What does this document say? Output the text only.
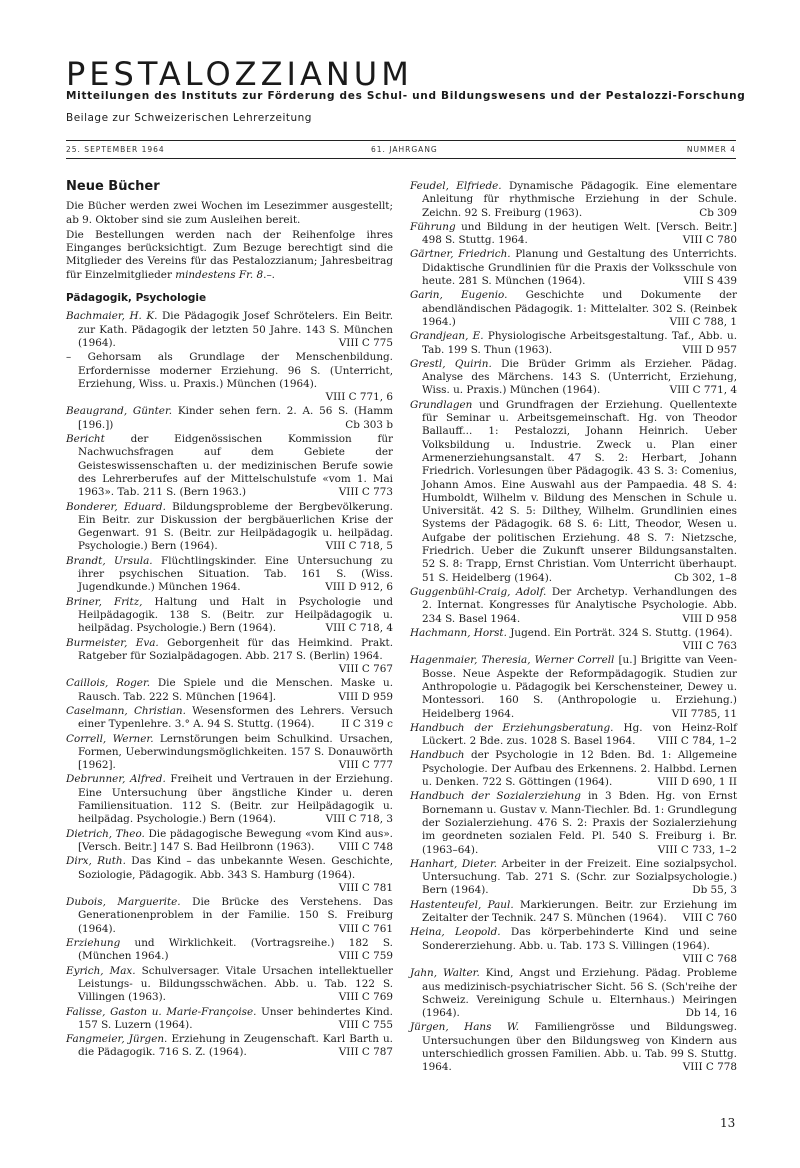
PESTALOZZIANUM
Mitteilungen des Instituts zur Förderung des Schul- und Bildungswesens und der Pestalozzi-Forschung
Beilage zur Schweizerischen Lehrerzeitung
25. SEPTEMBER 1964	61. JAHRGANG	NUMMER 4
Neue Bücher

Die Bücher werden zwei Wochen im Lesezimmer ausgestellt; ab 9. Oktober sind sie zum Ausleihen bereit.

Die Bestellungen werden nach der Reihenfolge ihres Einganges berücksichtigt. Zum Bezuge berechtigt sind die Mitglieder des Vereins für das Pestalozzianum; Jahresbeitrag für Einzelmitglieder mindestens Fr. 8.–.

Pädagogik, Psychologie
Bachmaier, H. K. Die Pädagogik Josef Schrötelers. Ein Beitr. zur Kath. Pädagogik der letzten 50 Jahre. 143 S. München (1964).	VIII C 775
– Gehorsam als Grundlage der Menschenbildung. Erfordernisse moderner Erziehung. 96 S. (Unterricht, Erziehung, Wiss. u. Praxis.) München (1964).
VIII C 771, 6
Beaugrand, Günter. Kinder sehen fern. 2. A. 56 S. (Hamm [196.])	Cb 303 b
Bericht der Eidgenössischen Kommission für Nachwuchsfragen auf dem Gebiete der Geisteswissenschaften u. der medizinischen Berufe sowie des Lehrerberufes auf der Mittelschulstufe «vom 1. Mai 1963». Tab. 211 S. (Bern 1963.)	VIII C 773
Bonderer, Eduard. Bildungsprobleme der Bergbevölkerung. Ein Beitr. zur Diskussion der bergbäuerlichen Krise der Gegenwart. 91 S. (Beitr. zur Heilpädagogik u. heilpädag. Psychologie.) Bern (1964).	VIII C 718, 5
Brandt, Ursula. Flüchtlingskinder. Eine Untersuchung zu ihrer psychischen Situation. Tab. 161 S. (Wiss. Jugendkunde.) München 1964.	VIII D 912, 6
Briner, Fritz, Haltung und Halt in Psychologie und Heilpädagogik. 138 S. (Beitr. zur Heilpädagogik u. heilpädag. Psychologie.) Bern (1964).	VIII C 718, 4
Burmeister, Eva. Geborgenheit für das Heimkind. Prakt. Ratgeber für Sozialpädagogen. Abb. 217 S. (Berlin) 1964.
VIII C 767
Caillois, Roger. Die Spiele und die Menschen. Maske u. Rausch. Tab. 222 S. München [1964].	VIII D 959
Caselmann, Christian. Wesensformen des Lehrers. Versuch einer Typenlehre. 3.° A. 94 S. Stuttg. (1964).	II C 319 c
Correll, Werner. Lernstörungen beim Schulkind. Ursachen, Formen, Ueberwindungsmöglichkeiten. 157 S. Donauwörth [1962].	VIII C 777
Debrunner, Alfred. Freiheit und Vertrauen in der Erziehung. Eine Untersuchung über ängstliche Kinder u. deren Familiensituation. 112 S. (Beitr. zur Heilpädagogik u. heilpädag. Psychologie.) Bern (1964).	VIII C 718, 3
Dietrich, Theo. Die pädagogische Bewegung «vom Kind aus». [Versch. Beitr.] 147 S. Bad Heilbronn (1963).	VIII C 748
Dirx, Ruth. Das Kind – das unbekannte Wesen. Geschichte, Soziologie, Pädagogik. Abb. 343 S. Hamburg (1964).
VIII C 781
Dubois, Marguerite. Die Brücke des Verstehens. Das Generationenproblem in der Familie. 150 S. Freiburg (1964).	VIII C 761
Erziehung und Wirklichkeit. (Vortragsreihe.) 182 S. (München 1964.)	VIII C 759
Eyrich, Max. Schulversager. Vitale Ursachen intellektueller Leistungs- u. Bildungsschwächen. Abb. u. Tab. 122 S. Villingen (1963).	VIII C 769
Falisse, Gaston u. Marie-Françoise. Unser behindertes Kind. 157 S. Luzern (1964).	VIII C 755
Fangmeier, Jürgen. Erziehung in Zeugenschaft. Karl Barth u. die Pädagogik. 716 S. Z. (1964).	VIII C 787
Feudel, Elfriede. Dynamische Pädagogik. Eine elementare Anleitung für rhythmische Erziehung in der Schule. Zeichn. 92 S. Freiburg (1963).	Cb 309
Führung und Bildung in der heutigen Welt. [Versch. Beitr.] 498 S. Stuttg. 1964.	VIII C 780
Gärtner, Friedrich. Planung und Gestaltung des Unterrichts. Didaktische Grundlinien für die Praxis der Volksschule von heute. 281 S. München (1964).	VIII S 439
Garin, Eugenio. Geschichte und Dokumente der abendländischen Pädagogik. 1: Mittelalter. 302 S. (Reinbek 1964.)	VIII C 788, 1
Grandjean, E. Physiologische Arbeitsgestaltung. Taf., Abb. u. Tab. 199 S. Thun (1963).	VIII D 957
Grestl, Quirin. Die Brüder Grimm als Erzieher. Pädag. Analyse des Märchens. 143 S. (Unterricht, Erziehung, Wiss. u. Praxis.) München (1964).	VIII C 771, 4
Grundlagen und Grundfragen der Erziehung. Quellentexte für Seminar u. Arbeitsgemeinschaft. Hg. von Theodor Ballauff... 1: Pestalozzi, Johann Heinrich. Ueber Volksbildung u. Industrie. Zweck u. Plan einer Armenerziehungsanstalt. 47 S. 2: Herbart, Johann Friedrich. Vorlesungen über Pädagogik. 43 S. 3: Comenius, Johann Amos. Eine Auswahl aus der Pampaedia. 48 S. 4: Humboldt, Wilhelm v. Bildung des Menschen in Schule u. Universität. 42 S. 5: Dilthey, Wilhelm. Grundlinien eines Systems der Pädagogik. 68 S. 6: Litt, Theodor, Wesen u. Aufgabe der politischen Erziehung. 48 S. 7: Nietzsche, Friedrich. Ueber die Zukunft unserer Bildungsanstalten. 52 S. 8: Trapp, Ernst Christian. Vom Unterricht überhaupt. 51 S. Heidelberg (1964).	Cb 302, 1–8
Guggenbühl-Craig, Adolf. Der Archetyp. Verhandlungen des 2. Internat. Kongresses für Analytische Psychologie. Abb. 234 S. Basel 1964.	VIII D 958
Hachmann, Horst. Jugend. Ein Porträt. 324 S. Stuttg. (1964).
VIII C 763
Hagenmaier, Theresia, Werner Correll [u.] Brigitte van Veen-Bosse. Neue Aspekte der Reformpädagogik. Studien zur Anthropologie u. Pädagogik bei Kerschensteiner, Dewey u. Montessori. 160 S. (Anthropologie u. Erziehung.) Heidelberg 1964.	VII 7785, 11
Handbuch der Erziehungsberatung. Hg. von Heinz-Rolf Lückert. 2 Bde. zus. 1028 S. Basel 1964.	VIII C 784, 1–2
Handbuch der Psychologie in 12 Bden. Bd. 1: Allgemeine Psychologie. Der Aufbau des Erkennens. 2. Halbbd. Lernen u. Denken. 722 S. Göttingen (1964).	VIII D 690, 1 II
Handbuch der Sozialerziehung in 3 Bden. Hg. von Ernst Bornemann u. Gustav v. Mann-Tiechler. Bd. 1: Grundlegung der Sozialerziehung. 476 S. 2: Praxis der Sozialerziehung im geordneten sozialen Feld. Pl. 540 S. Freiburg i. Br. (1963–64).	VIII C 733, 1–2
Hanhart, Dieter. Arbeiter in der Freizeit. Eine sozialpsychol. Untersuchung. Tab. 271 S. (Schr. zur Sozialpsychologie.) Bern (1964).	Db 55, 3
Hastenteufel, Paul. Markierungen. Beitr. zur Erziehung im Zeitalter der Technik. 247 S. München (1964).	VIII C 760
Heina, Leopold. Das körperbehinderte Kind und seine Sondererziehung. Abb. u. Tab. 173 S. Villingen (1964).
VIII C 768
Jahn, Walter. Kind, Angst und Erziehung. Pädag. Probleme aus medizinisch-psychiatrischer Sicht. 56 S. (Sch'reihe der Schweiz. Vereinigung Schule u. Elternhaus.) Meiringen (1964).	Db 14, 16
Jürgen, Hans W. Familiengrösse und Bildungsweg. Untersuchungen über den Bildungsweg von Kindern aus unterschiedlich grossen Familien. Abb. u. Tab. 99 S. Stuttg. 1964.	VIII C 778
13
